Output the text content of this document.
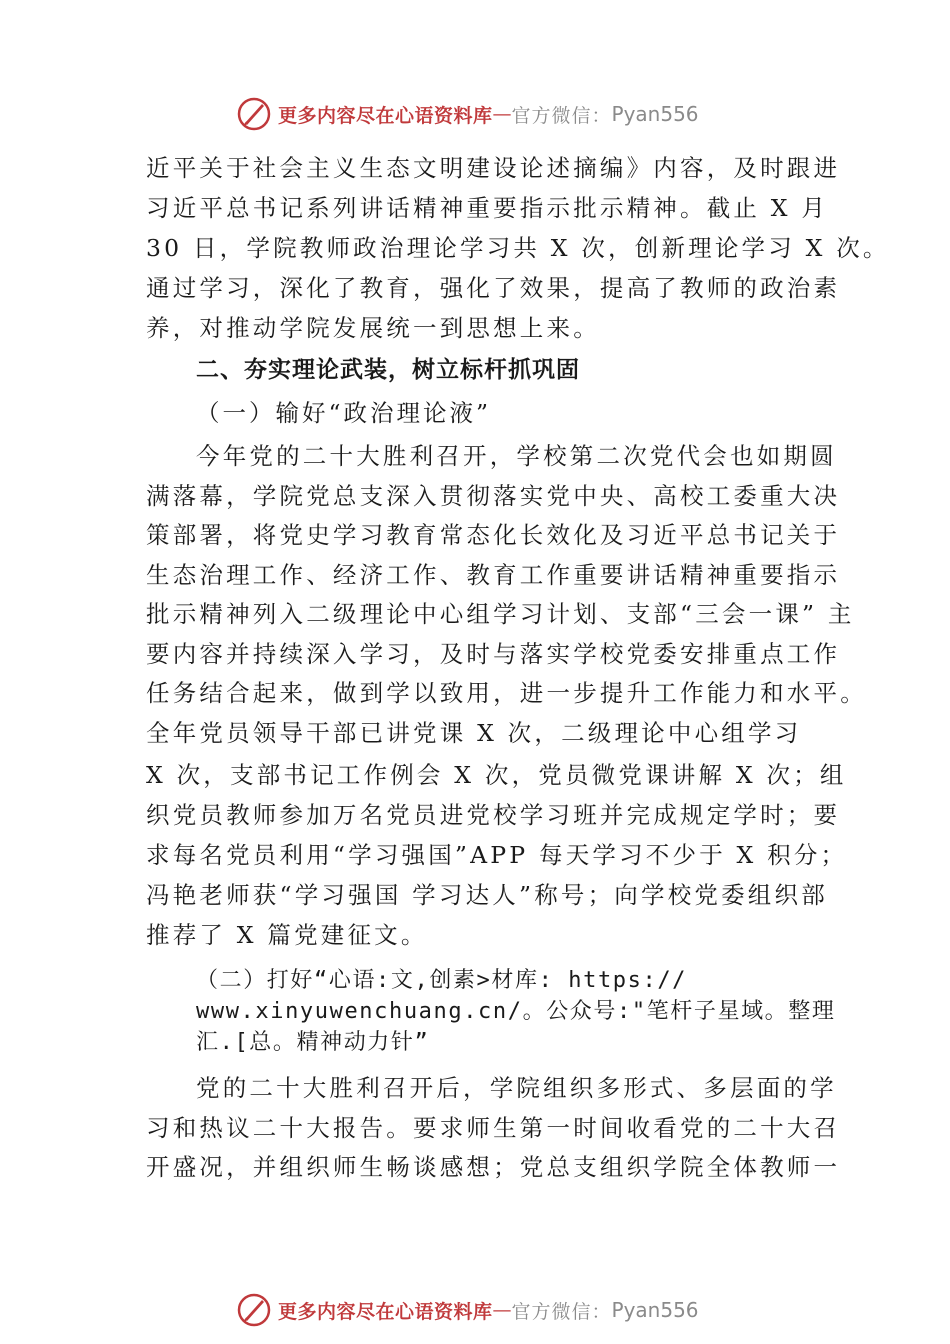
更多内容尽在心语资料库 — 官方微信： Pyan556
近平关于社会主义生态文明建设论述摘编》内容，及时跟进
习近平总书记系列讲话精神重要指示批示精神。截止 X 月
30 日，学院教师政治理论学习共 X 次，创新理论学习 X 次。
通过学习，深化了教育，强化了效果，提高了教师的政治素
养，对推动学院发展统一到思想上来。
二、夯实理论武装，树立标杆抓巩固
（一）输好“政治理论液”
今年党的二十大胜利召开，学校第二次党代会也如期圆
满落幕，学院党总支深入贯彻落实党中央、高校工委重大决
策部署，将党史学习教育常态化长效化及习近平总书记关于
生态治理工作、经济工作、教育工作重要讲话精神重要指示
批示精神列入二级理论中心组学习计划、支部“三会一课” 主
要内容并持续深入学习，及时与落实学校党委安排重点工作
任务结合起来，做到学以致用，进一步提升工作能力和水平。
全年党员领导干部已讲党课 X 次，二级理论中心组学习
X 次，支部书记工作例会 X 次，党员微党课讲解 X 次；组
织党员教师参加万名党员进党校学习班并完成规定学时；要
求每名党员利用“学习强国”APP 每天学习不少于 X 积分；
冯艳老师获“学习强国 学习达人”称号；向学校党委组织部
推荐了 X 篇党建征文。
（二）打好“心语:文,创素>材库: https://
www.xinyuwenchuang.cn/。公众号:"笔杆子星域。整理
汇.[总。精神动力针”
党的二十大胜利召开后，学院组织多形式、多层面的学
习和热议二十大报告。要求师生第一时间收看党的二十大召
开盛况，并组织师生畅谈感想；党总支组织学院全体教师一
更多内容尽在心语资料库 — 官方微信： Pyan556
